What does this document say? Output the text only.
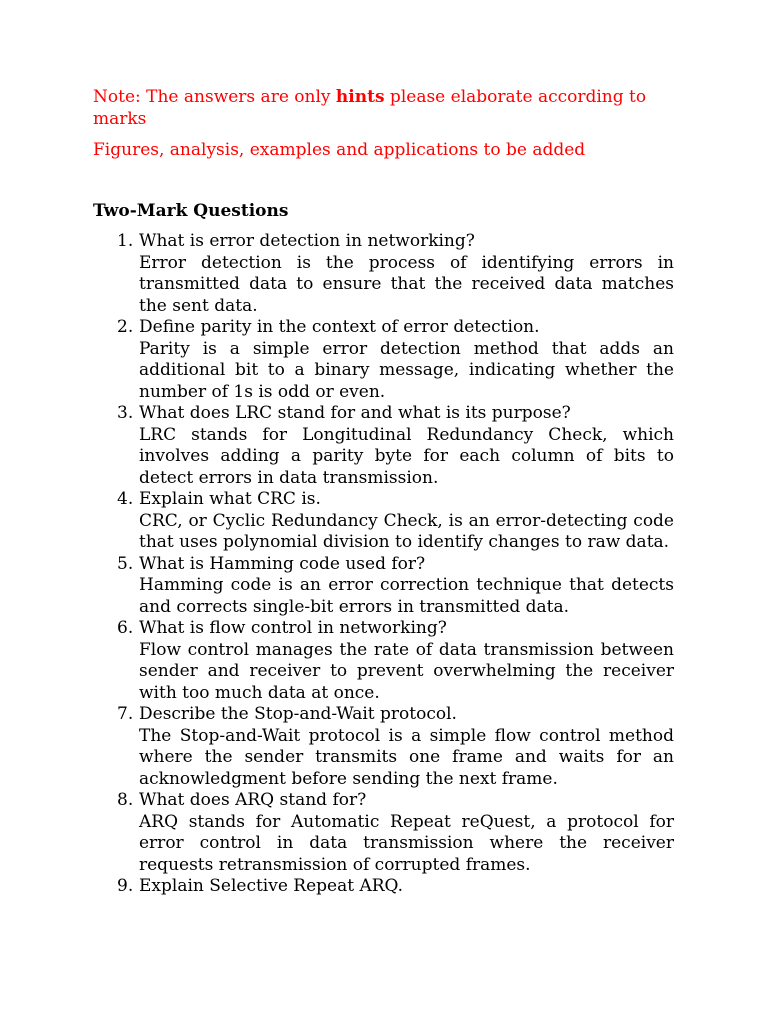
Note: The answers are only hints please elaborate according to marks

Figures, analysis, examples and applications to be added

Two-Mark Questions
1. What is error detection in networking?
Error detection is the process of identifying errors in transmitted data to ensure that the received data matches the sent data.
2. Define parity in the context of error detection.
Parity is a simple error detection method that adds an additional bit to a binary message, indicating whether the number of 1s is odd or even.
3. What does LRC stand for and what is its purpose?
LRC stands for Longitudinal Redundancy Check, which involves adding a parity byte for each column of bits to detect errors in data transmission.
4. Explain what CRC is.
CRC, or Cyclic Redundancy Check, is an error-detecting code that uses polynomial division to identify changes to raw data.
5. What is Hamming code used for?
Hamming code is an error correction technique that detects and corrects single-bit errors in transmitted data.
6. What is flow control in networking?
Flow control manages the rate of data transmission between sender and receiver to prevent overwhelming the receiver with too much data at once.
7. Describe the Stop-and-Wait protocol.
The Stop-and-Wait protocol is a simple flow control method where the sender transmits one frame and waits for an acknowledgment before sending the next frame.
8. What does ARQ stand for?
ARQ stands for Automatic Repeat reQuest, a protocol for error control in data transmission where the receiver requests retransmission of corrupted frames.
9. Explain Selective Repeat ARQ.
